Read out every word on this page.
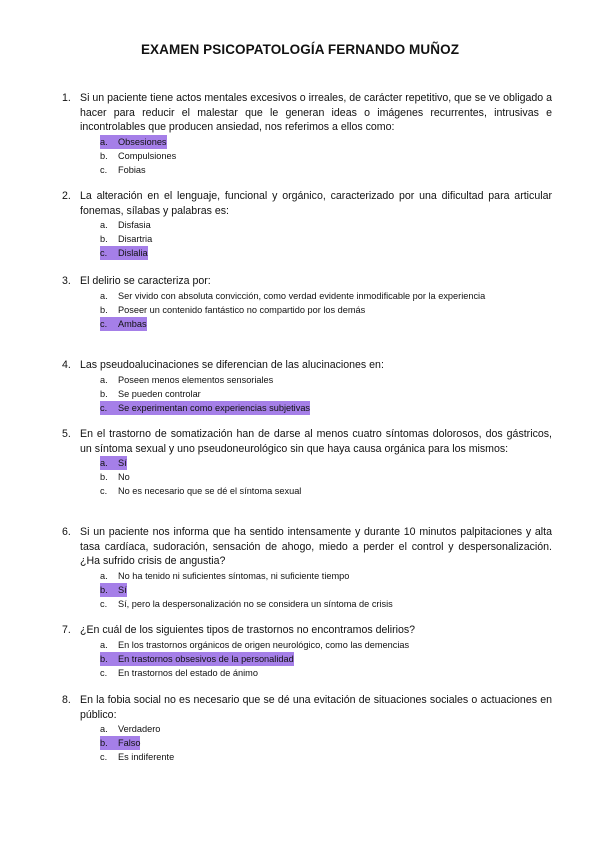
EXAMEN PSICOPATOLOGÍA FERNANDO MUÑOZ
1. Si un paciente tiene actos mentales excesivos o irreales, de carácter repetitivo, que se ve obligado a hacer para reducir el malestar que le generan ideas o imágenes recurrentes, intrusivas e incontrolables que producen ansiedad, nos referimos a ellos como:
a. Obsesiones
b. Compulsiones
c. Fobias
2. La alteración en el lenguaje, funcional y orgánico, caracterizado por una dificultad para articular fonemas, sílabas y palabras es:
a. Disfasia
b. Disartria
c. Dislalia
3. El delirio se caracteriza por:
a. Ser vivido con absoluta convicción, como verdad evidente inmodificable por la experiencia
b. Poseer un contenido fantástico no compartido por los demás
c. Ambas
4. Las pseudoalucinaciones se diferencian de las alucinaciones en:
a. Poseen menos elementos sensoriales
b. Se pueden controlar
c. Se experimentan como experiencias subjetivas
5. En el trastorno de somatización han de darse al menos cuatro síntomas dolorosos, dos gástricos, un síntoma sexual y uno pseudoneurológico sin que haya causa orgánica para los mismos:
a. Sí
b. No
c. No es necesario que se dé el síntoma sexual
6. Si un paciente nos informa que ha sentido intensamente y durante 10 minutos palpitaciones y alta tasa cardíaca, sudoración, sensación de ahogo, miedo a perder el control y despersonalización. ¿Ha sufrido crisis de angustia?
a. No ha tenido ni suficientes síntomas, ni suficiente tiempo
b. Sí
c. Sí, pero la despersonalización no se considera un síntoma de crisis
7. ¿En cuál de los siguientes tipos de trastornos no encontramos delirios?
a. En los trastornos orgánicos de origen neurológico, como las demencias
b. En trastornos obsesivos de la personalidad
c. En trastornos del estado de ánimo
8. En la fobia social no es necesario que se dé una evitación de situaciones sociales o actuaciones en público:
a. Verdadero
b. Falso
c. Es indiferente
